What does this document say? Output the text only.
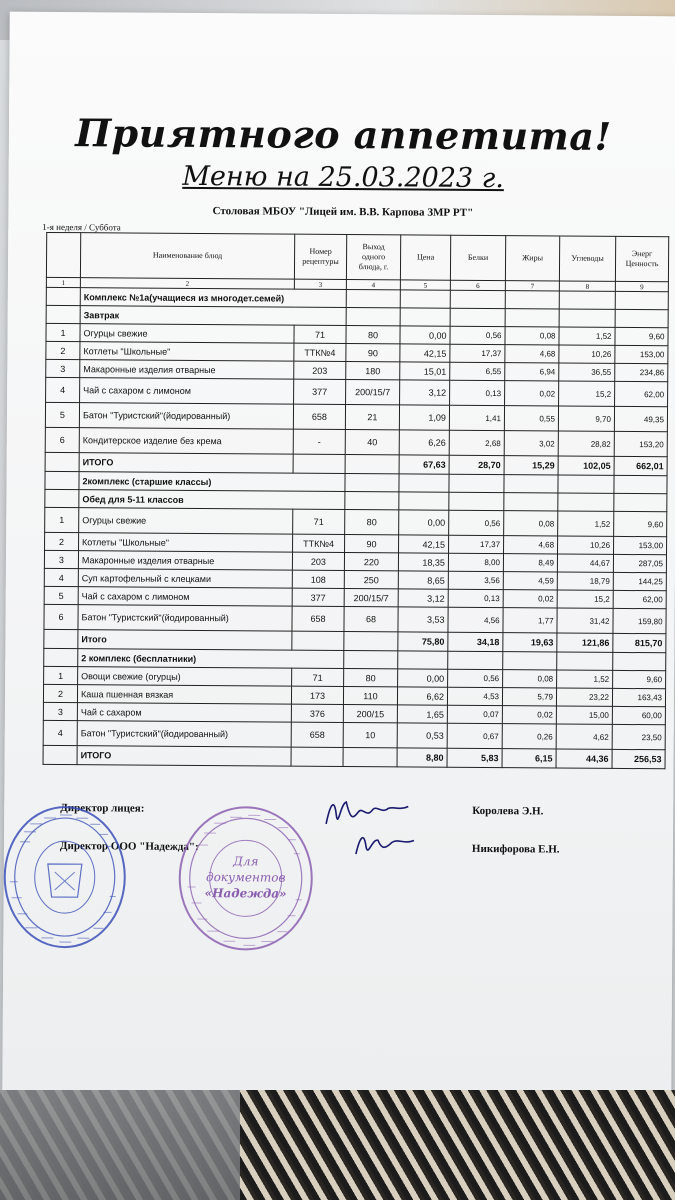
Приятного аппетита!
Меню на 25.03.2023 г.
Столовая МБОУ "Лицей им. В.В. Карпова ЗМР РТ"
1-я неделя / Суббота
	Наименование блюд	Номер рецептуры	Выход одного блюда, г.	Цена	Белки	Жиры	Углеводы	Энерг Ценность
1	2	3	4	5	6	7	8	9
	Комплекс №1а(учащиеся из многодет.семей)							
	Завтрак							
1	Огурцы свежие	71	80	0,00	0,56	0,08	1,52	9,60
2	Котлеты "Школьные"	ТТК№4	90	42,15	17,37	4,68	10,26	153,00
3	Макаронные изделия отварные	203	180	15,01	6,55	6,94	36,55	234,86
4	Чай с сахаром с лимоном	377	200/15/7	3,12	0,13	0,02	15,2	62,00
5	Батон "Туристский"(йодированный)	658	21	1,09	1,41	0,55	9,70	49,35
6	Кондитерское изделие без крема	-	40	6,26	2,68	3,02	28,82	153,20
	ИТОГО			67,63	28,70	15,29	102,05	662,01
	2комплекс (старшие классы)							
	Обед для 5-11 классов							
1	Огурцы свежие	71	80	0,00	0,56	0,08	1,52	9,60
2	Котлеты "Школьные"	ТТК№4	90	42,15	17,37	4,68	10,26	153,00
3	Макаронные изделия отварные	203	220	18,35	8,00	8,49	44,67	287,05
4	Суп картофельный с клецками	108	250	8,65	3,56	4,59	18,79	144,25
5	Чай с сахаром с лимоном	377	200/15/7	3,12	0,13	0,02	15,2	62,00
6	Батон "Туристский"(йодированный)	658	68	3,53	4,56	1,77	31,42	159,80
	Итого			75,80	34,18	19,63	121,86	815,70
	2 комплекс (бесплатники)							
1	Овощи свежие (огурцы)	71	80	0,00	0,56	0,08	1,52	9,60
2	Каша пшенная вязкая	173	110	6,62	4,53	5,79	23,22	163,43
3	Чай с сахаром	376	200/15	1,65	0,07	0,02	15,00	60,00
4	Батон "Туристский"(йодированный)	658	10	0,53	0,67	0,26	4,62	23,50
	ИТОГО			8,80	5,83	6,15	44,36	256,53
Директор лицея:	Королева Э.Н.
Директор ООО "Надежда":	Никифорова Е.Н.
Для
документов
«Надежда»
